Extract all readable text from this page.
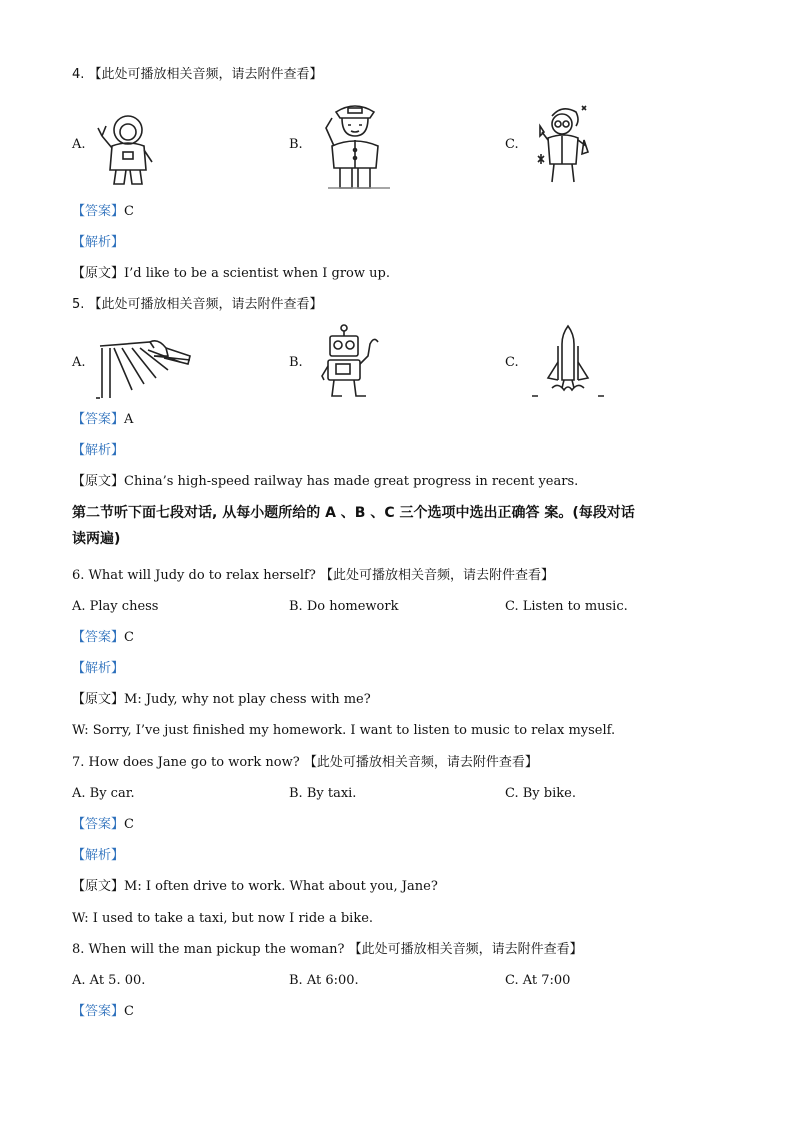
4. 【此处可播放相关音频，请去附件查看】
A.	B.	C.
【答案】C
【解析】
【原文】I’d like to be a scientist when I grow up.
5. 【此处可播放相关音频，请去附件查看】
A.	B.	C.
【答案】A
【解析】
【原文】China’s high-speed railway has made great progress in recent years.
第二节听下面七段对话, 从每小题所给的 A 、B 、C 三个选项中选出正确答 案。(每段对话
读两遍)
6. What will Judy do to relax herself? 【此处可播放相关音频，请去附件查看】
A. Play chess	B. Do homework	C. Listen to music.
【答案】C
【解析】
【原文】M: Judy, why not play chess with me?
W: Sorry, I’ve just finished my homework. I want to listen to music to relax myself.
7. How does Jane go to work now? 【此处可播放相关音频，请去附件查看】
A. By car.	B. By taxi.	C. By bike.
【答案】C
【解析】
【原文】M: I often drive to work. What about you, Jane?
W: I used to take a taxi, but now I ride a bike.
8. When will the man pickup the woman? 【此处可播放相关音频，请去附件查看】
A. At 5. 00.	B. At 6:00.	C. At 7:00
【答案】C
